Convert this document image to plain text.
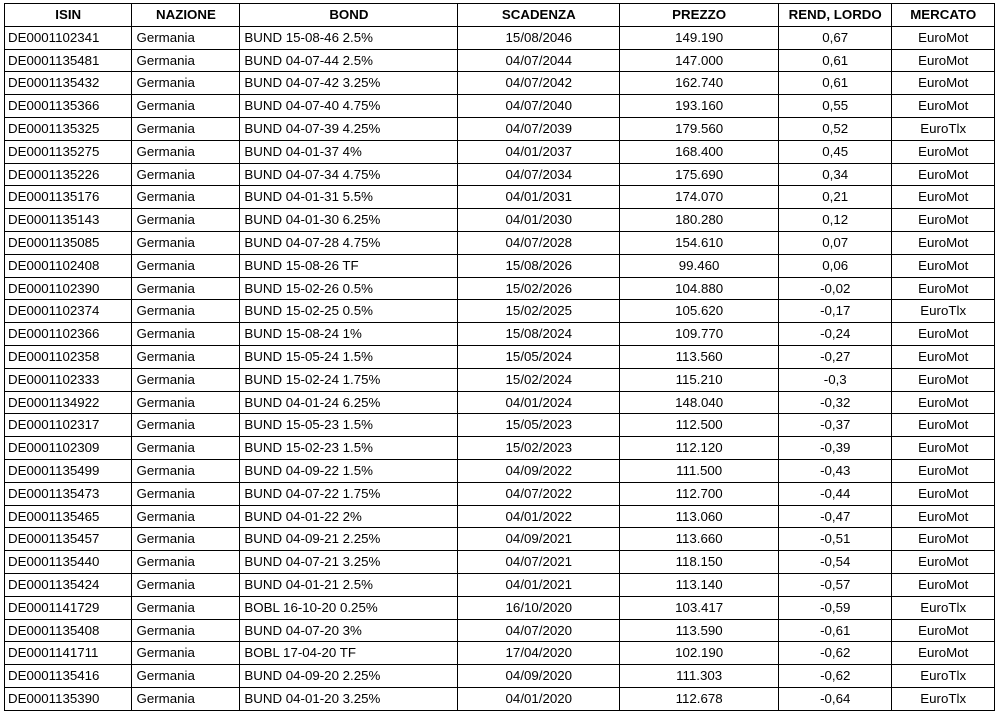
ISIN	NAZIONE	BOND	SCADENZA	PREZZO	REND, LORDO	MERCATO
DE0001102341	Germania	BUND 15-08-46 2.5%	15/08/2046	149.190	0,67	EuroMot
DE0001135481	Germania	BUND 04-07-44 2.5%	04/07/2044	147.000	0,61	EuroMot
DE0001135432	Germania	BUND 04-07-42 3.25%	04/07/2042	162.740	0,61	EuroMot
DE0001135366	Germania	BUND 04-07-40 4.75%	04/07/2040	193.160	0,55	EuroMot
DE0001135325	Germania	BUND 04-07-39 4.25%	04/07/2039	179.560	0,52	EuroTlx
DE0001135275	Germania	BUND 04-01-37 4%	04/01/2037	168.400	0,45	EuroMot
DE0001135226	Germania	BUND 04-07-34 4.75%	04/07/2034	175.690	0,34	EuroMot
DE0001135176	Germania	BUND 04-01-31 5.5%	04/01/2031	174.070	0,21	EuroMot
DE0001135143	Germania	BUND 04-01-30 6.25%	04/01/2030	180.280	0,12	EuroMot
DE0001135085	Germania	BUND 04-07-28 4.75%	04/07/2028	154.610	0,07	EuroMot
DE0001102408	Germania	BUND 15-08-26 TF	15/08/2026	99.460	0,06	EuroMot
DE0001102390	Germania	BUND 15-02-26 0.5%	15/02/2026	104.880	-0,02	EuroMot
DE0001102374	Germania	BUND 15-02-25 0.5%	15/02/2025	105.620	-0,17	EuroTlx
DE0001102366	Germania	BUND 15-08-24 1%	15/08/2024	109.770	-0,24	EuroMot
DE0001102358	Germania	BUND 15-05-24 1.5%	15/05/2024	113.560	-0,27	EuroMot
DE0001102333	Germania	BUND 15-02-24 1.75%	15/02/2024	115.210	-0,3	EuroMot
DE0001134922	Germania	BUND 04-01-24 6.25%	04/01/2024	148.040	-0,32	EuroMot
DE0001102317	Germania	BUND 15-05-23 1.5%	15/05/2023	112.500	-0,37	EuroMot
DE0001102309	Germania	BUND 15-02-23 1.5%	15/02/2023	112.120	-0,39	EuroMot
DE0001135499	Germania	BUND 04-09-22 1.5%	04/09/2022	111.500	-0,43	EuroMot
DE0001135473	Germania	BUND 04-07-22 1.75%	04/07/2022	112.700	-0,44	EuroMot
DE0001135465	Germania	BUND 04-01-22 2%	04/01/2022	113.060	-0,47	EuroMot
DE0001135457	Germania	BUND 04-09-21 2.25%	04/09/2021	113.660	-0,51	EuroMot
DE0001135440	Germania	BUND 04-07-21 3.25%	04/07/2021	118.150	-0,54	EuroMot
DE0001135424	Germania	BUND 04-01-21 2.5%	04/01/2021	113.140	-0,57	EuroMot
DE0001141729	Germania	BOBL 16-10-20 0.25%	16/10/2020	103.417	-0,59	EuroTlx
DE0001135408	Germania	BUND 04-07-20 3%	04/07/2020	113.590	-0,61	EuroMot
DE0001141711	Germania	BOBL 17-04-20 TF	17/04/2020	102.190	-0,62	EuroMot
DE0001135416	Germania	BUND 04-09-20 2.25%	04/09/2020	111.303	-0,62	EuroTlx
DE0001135390	Germania	BUND 04-01-20 3.25%	04/01/2020	112.678	-0,64	EuroTlx
